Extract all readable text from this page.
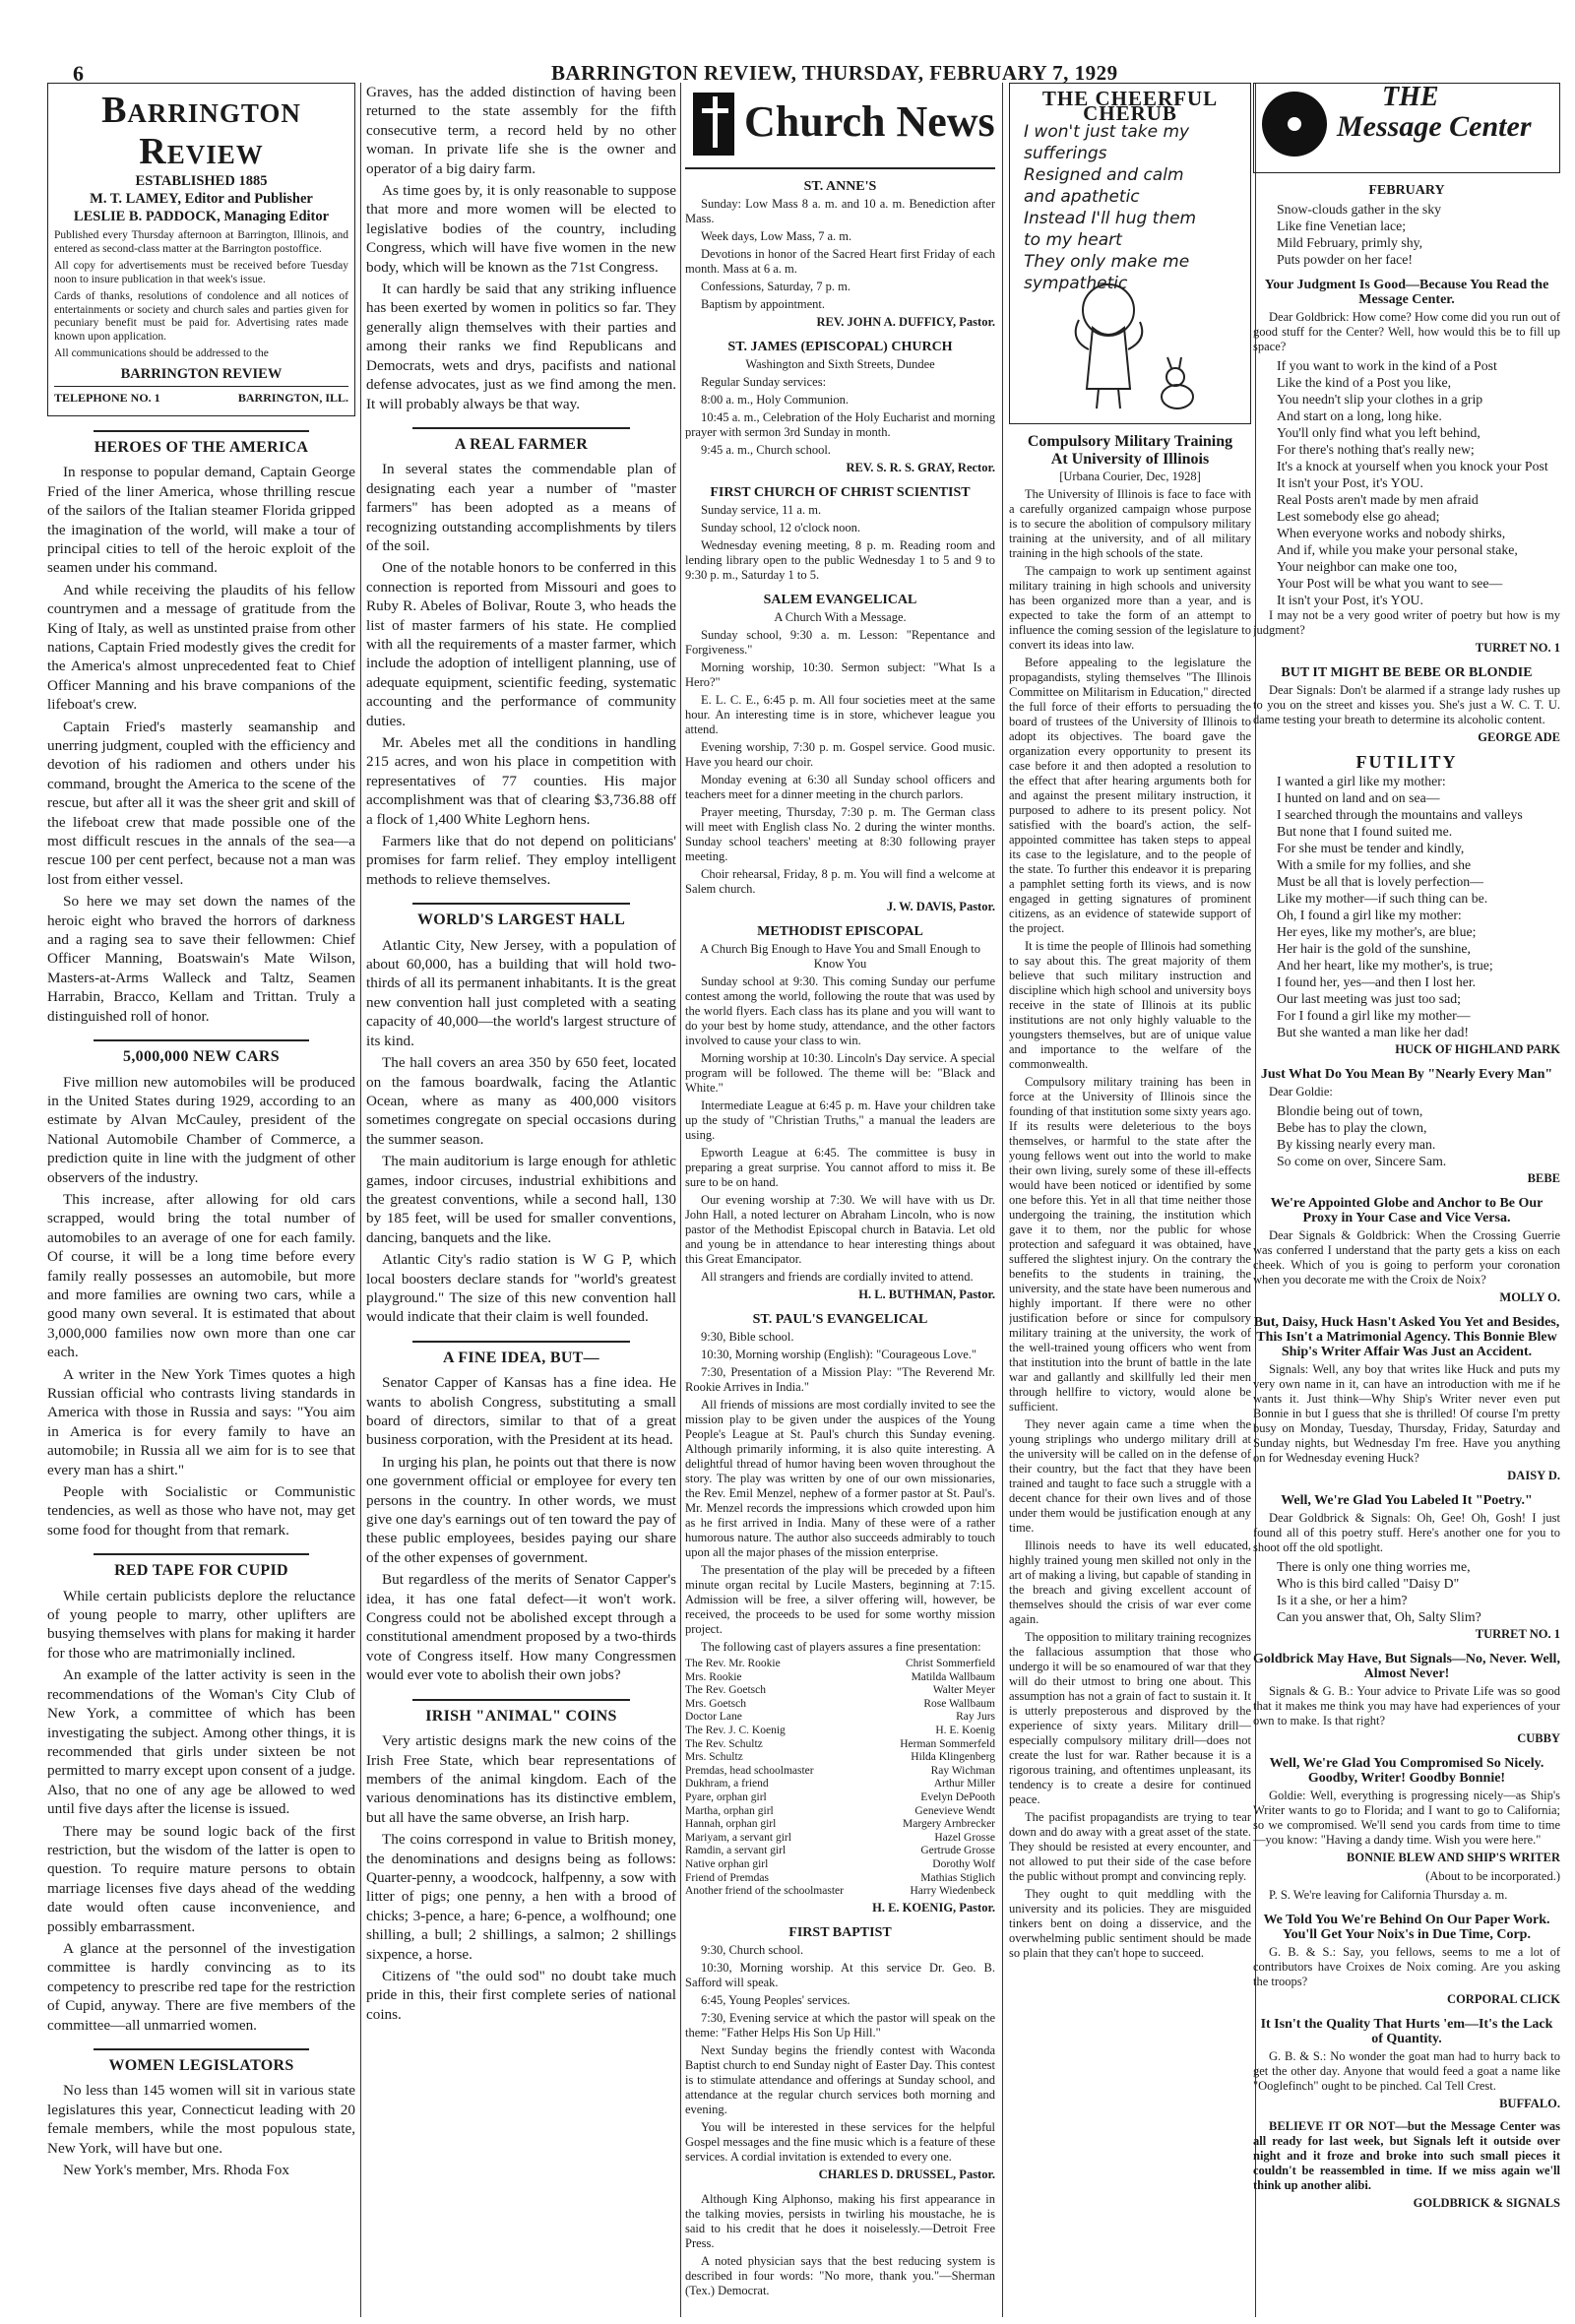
6	BARRINGTON REVIEW, THURSDAY, FEBRUARY 7, 1929
Barrington Review
ESTABLISHED 1885
M. T. LAMEY, Editor and Publisher
LESLIE B. PADDOCK, Managing Editor
Published every Thursday afternoon at Barrington, Illinois, and entered as second-class matter at the Barrington postoffice.
All copy for advertisements must be received before Tuesday noon to insure publication in that week's issue.
Cards of thanks, resolutions of condolence and all notices of entertainments or society and church sales and parties given for pecuniary benefit must be paid for. Advertising rates made known upon application.
All communications should be addressed to the
BARRINGTON REVIEW
TELEPHONE NO. 1	BARRINGTON, ILL.
HEROES OF THE AMERICA

In response to popular demand, Captain George Fried of the liner America, whose thrilling rescue of the sailors of the Italian steamer Florida gripped the imagination of the world, will make a tour of principal cities to tell of the heroic exploit of the seamen under his command.

And while receiving the plaudits of his fellow countrymen and a message of gratitude from the King of Italy, as well as unstinted praise from other nations, Captain Fried modestly gives the credit for the America's almost unprecedented feat to Chief Officer Manning and his brave companions of the lifeboat's crew.

Captain Fried's masterly seamanship and unerring judgment, coupled with the efficiency and devotion of his radiomen and others under his command, brought the America to the scene of the rescue, but after all it was the sheer grit and skill of the lifeboat crew that made possible one of the most difficult rescues in the annals of the sea—a rescue 100 per cent perfect, because not a man was lost from either vessel.

So here we may set down the names of the heroic eight who braved the horrors of darkness and a raging sea to save their fellowmen: Chief Officer Manning, Boatswain's Mate Wilson, Masters-at-Arms Walleck and Taltz, Seamen Harrabin, Bracco, Kellam and Trittan. Truly a distinguished roll of honor.

5,000,000 NEW CARS

Five million new automobiles will be produced in the United States during 1929, according to an estimate by Alvan McCauley, president of the National Automobile Chamber of Commerce, a prediction quite in line with the judgment of other observers of the industry.

This increase, after allowing for old cars scrapped, would bring the total number of automobiles to an average of one for each family. Of course, it will be a long time before every family really possesses an automobile, but more and more families are owning two cars, while a good many own several. It is estimated that about 3,000,000 families now own more than one car each.

A writer in the New York Times quotes a high Russian official who contrasts living standards in America with those in Russia and says: "You aim in America is for every family to have an automobile; in Russia all we aim for is to see that every man has a shirt."

People with Socialistic or Communistic tendencies, as well as those who have not, may get some food for thought from that remark.

RED TAPE FOR CUPID

While certain publicists deplore the reluctance of young people to marry, other uplifters are busying themselves with plans for making it harder for those who are matrimonially inclined.

An example of the latter activity is seen in the recommendations of the Woman's City Club of New York, a committee of which has been investigating the subject. Among other things, it is recommended that girls under sixteen be not permitted to marry except upon consent of a judge. Also, that no one of any age be allowed to wed until five days after the license is issued.

There may be sound logic back of the first restriction, but the wisdom of the latter is open to question. To require mature persons to obtain marriage licenses five days ahead of the wedding date would often cause inconvenience, and possibly embarrassment.

A glance at the personnel of the investigation committee is hardly convincing as to its competency to prescribe red tape for the restriction of Cupid, anyway. There are five members of the committee—all unmarried women.

WOMEN LEGISLATORS

No less than 145 women will sit in various state legislatures this year, Connecticut leading with 20 female members, while the most populous state, New York, will have but one.

New York's member, Mrs. Rhoda Fox

Graves, has the added distinction of having been returned to the state assembly for the fifth consecutive term, a record held by no other woman. In private life she is the owner and operator of a big dairy farm.

As time goes by, it is only reasonable to suppose that more and more women will be elected to legislative bodies of the country, including Congress, which will have five women in the new body, which will be known as the 71st Congress.

It can hardly be said that any striking influence has been exerted by women in politics so far. They generally align themselves with their parties and among their ranks we find Republicans and Democrats, wets and drys, pacifists and national defense advocates, just as we find among the men. It will probably always be that way.

A REAL FARMER

In several states the commendable plan of designating each year a number of "master farmers" has been adopted as a means of recognizing outstanding accomplishments by tilers of the soil.

One of the notable honors to be conferred in this connection is reported from Missouri and goes to Ruby R. Abeles of Bolivar, Route 3, who heads the list of master farmers of his state. He complied with all the requirements of a master farmer, which include the adoption of intelligent planning, use of adequate equipment, scientific feeding, systematic accounting and the performance of community duties.

Mr. Abeles met all the conditions in handling 215 acres, and won his place in competition with representatives of 77 counties. His major accomplishment was that of clearing $3,736.88 off a flock of 1,400 White Leghorn hens.

Farmers like that do not depend on politicians' promises for farm relief. They employ intelligent methods to relieve themselves.

WORLD'S LARGEST HALL

Atlantic City, New Jersey, with a population of about 60,000, has a building that will hold two-thirds of all its permanent inhabitants. It is the great new convention hall just completed with a seating capacity of 40,000—the world's largest structure of its kind.

The hall covers an area 350 by 650 feet, located on the famous boardwalk, facing the Atlantic Ocean, where as many as 400,000 visitors sometimes congregate on special occasions during the summer season.

The main auditorium is large enough for athletic games, indoor circuses, industrial exhibitions and the greatest conventions, while a second hall, 130 by 185 feet, will be used for smaller conventions, dancing, banquets and the like.

Atlantic City's radio station is W G P, which local boosters declare stands for "world's greatest playground." The size of this new convention hall would indicate that their claim is well founded.

A FINE IDEA, BUT—

Senator Capper of Kansas has a fine idea. He wants to abolish Congress, substituting a small board of directors, similar to that of a great business corporation, with the President at its head.

In urging his plan, he points out that there is now one government official or employee for every ten persons in the country. In other words, we must give one day's earnings out of ten toward the pay of these public employees, besides paying our share of the other expenses of government.

But regardless of the merits of Senator Capper's idea, it has one fatal defect—it won't work. Congress could not be abolished except through a constitutional amendment proposed by a two-thirds vote of Congress itself. How many Congressmen would ever vote to abolish their own jobs?

IRISH "ANIMAL" COINS

Very artistic designs mark the new coins of the Irish Free State, which bear representations of members of the animal kingdom. Each of the various denominations has its distinctive emblem, but all have the same obverse, an Irish harp.

The coins correspond in value to British money, the denominations and designs being as follows: Quarter-penny, a woodcock, halfpenny, a sow with litter of pigs; one penny, a hen with a brood of chicks; 3-pence, a hare; 6-pence, a wolfhound; one shilling, a bull; 2 shillings, a salmon; 2 shillings sixpence, a horse.

Citizens of "the ould sod" no doubt take much pride in this, their first complete series of national coins.

Church News
ST. ANNE'S

Sunday: Low Mass 8 a. m. and 10 a. m. Benediction after Mass.

Week days, Low Mass, 7 a. m.

Devotions in honor of the Sacred Heart first Friday of each month. Mass at 6 a. m.

Confessions, Saturday, 7 p. m.

Baptism by appointment.

REV. JOHN A. DUFFICY, Pastor.
ST. JAMES (EPISCOPAL) CHURCH

Washington and Sixth Streets, Dundee

Regular Sunday services:

8:00 a. m., Holy Communion.

10:45 a. m., Celebration of the Holy Eucharist and morning prayer with sermon 3rd Sunday in month.

9:45 a. m., Church school.

REV. S. R. S. GRAY, Rector.
FIRST CHURCH OF CHRIST SCIENTIST

Sunday service, 11 a. m.

Sunday school, 12 o'clock noon.

Wednesday evening meeting, 8 p. m. Reading room and lending library open to the public Wednesday 1 to 5 and 9 to 9:30 p. m., Saturday 1 to 5.

SALEM EVANGELICAL

A Church With a Message.

Sunday school, 9:30 a. m. Lesson: "Repentance and Forgiveness."

Morning worship, 10:30. Sermon subject: "What Is a Hero?"

E. L. C. E., 6:45 p. m. All four societies meet at the same hour. An interesting time is in store, whichever league you attend.

Evening worship, 7:30 p. m. Gospel service. Good music. Have you heard our choir.

Monday evening at 6:30 all Sunday school officers and teachers meet for a dinner meeting in the church parlors.

Prayer meeting, Thursday, 7:30 p. m. The German class will meet with English class No. 2 during the winter months. Sunday school teachers' meeting at 8:30 following prayer meeting.

Choir rehearsal, Friday, 8 p. m. You will find a welcome at Salem church.

J. W. DAVIS, Pastor.
METHODIST EPISCOPAL

A Church Big Enough to Have You and Small Enough to Know You

Sunday school at 9:30. This coming Sunday our perfume contest among the world, following the route that was used by the world flyers. Each class has its plane and you will want to do your best by home study, attendance, and the other factors involved to cause your class to win.

Morning worship at 10:30. Lincoln's Day service. A special program will be followed. The theme will be: "Black and White."

Intermediate League at 6:45 p. m. Have your children take up the study of "Christian Truths," a manual the leaders are using.

Epworth League at 6:45. The committee is busy in preparing a great surprise. You cannot afford to miss it. Be sure to be on hand.

Our evening worship at 7:30. We will have with us Dr. John Hall, a noted lecturer on Abraham Lincoln, who is now pastor of the Methodist Episcopal church in Batavia. Let old and young be in attendance to hear interesting things about this Great Emancipator.

All strangers and friends are cordially invited to attend.

H. L. BUTHMAN, Pastor.
ST. PAUL'S EVANGELICAL

9:30, Bible school.

10:30, Morning worship (English): "Courageous Love."

7:30, Presentation of a Mission Play: "The Reverend Mr. Rookie Arrives in India."

All friends of missions are most cordially invited to see the mission play to be given under the auspices of the Young People's League at St. Paul's church this Sunday evening. Although primarily informing, it is also quite interesting. A delightful thread of humor having been woven throughout the story. The play was written by one of our own missionaries, the Rev. Emil Menzel, nephew of a former pastor at St. Paul's. Mr. Menzel records the impressions which crowded upon him as he first arrived in India. Many of these were of a rather humorous nature. The author also succeeds admirably to touch upon all the major phases of the mission enterprise.

The presentation of the play will be preceded by a fifteen minute organ recital by Lucile Masters, beginning at 7:15. Admission will be free, a silver offering will, however, be received, the proceeds to be used for some worthy mission project.

The following cast of players assures a fine presentation:

The Rev. Mr. Rookie	Christ Sommerfield
Mrs. Rookie	Matilda Wallbaum
The Rev. Goetsch	Walter Meyer
Mrs. Goetsch	Rose Wallbaum
Doctor Lane	Ray Jurs
The Rev. J. C. Koenig	H. E. Koenig
The Rev. Schultz	Herman Sommerfeld
Mrs. Schultz	Hilda Klingenberg
Premdas, head schoolmaster	Ray Wichman
Dukhram, a friend	Arthur Miller
Pyare, orphan girl	Evelyn DePooth
Martha, orphan girl	Genevieve Wendt
Hannah, orphan girl	Margery Arnbrecker
Mariyam, a servant girl	Hazel Grosse
Ramdin, a servant girl	Gertrude Grosse
Native orphan girl	Dorothy Wolf
Friend of Premdas	Mathias Stiglich
Another friend of the schoolmaster	Harry Wiedenbeck
H. E. KOENIG, Pastor.
FIRST BAPTIST

9:30, Church school.

10:30, Morning worship. At this service Dr. Geo. B. Safford will speak.

6:45, Young Peoples' services.

7:30, Evening service at which the pastor will speak on the theme: "Father Helps His Son Up Hill."

Next Sunday begins the friendly contest with Waconda Baptist church to end Sunday night of Easter Day. This contest is to stimulate attendance and offerings at Sunday school, and attendance at the regular church services both morning and evening.

You will be interested in these services for the helpful Gospel messages and the fine music which is a feature of these services. A cordial invitation is extended to every one.

CHARLES D. DRUSSEL, Pastor.

Although King Alphonso, making his first appearance in the talking movies, persists in twirling his moustache, he is said to his credit that he does it noiselessly.—Detroit Free Press.

A noted physician says that the best reducing system is described in four words: "No more, thank you."—Sherman (Tex.) Democrat.

THE CHEERFUL CHERUB
I won't just take my
sufferings
Resigned and calm
and apathetic
Instead I'll hug them
to my heart
They only make me
sympathetic
Compulsory Military Training
At University of Illinois

[Urbana Courier, Dec, 1928]

The University of Illinois is face to face with a carefully organized campaign whose purpose is to secure the abolition of compulsory military training at the university, and of all military training in the high schools of the state.

The campaign to work up sentiment against military training in high schools and university has been organized more than a year, and is expected to take the form of an attempt to influence the coming session of the legislature to convert its ideas into law.

Before appealing to the legislature the propagandists, styling themselves "The Illinois Committee on Militarism in Education," directed the full force of their efforts to persuading the board of trustees of the University of Illinois to adopt its objectives. The board gave the organization every opportunity to present its case before it and then adopted a resolution to the effect that after hearing arguments both for and against the present military instruction, it purposed to adhere to its present policy. Not satisfied with the board's action, the self-appointed committee has taken steps to appeal its case to the legislature, and to the people of the state. To further this endeavor it is preparing a pamphlet setting forth its views, and is now engaged in getting signatures of prominent citizens, as an evidence of statewide support of the project.

It is time the people of Illinois had something to say about this. The great majority of them believe that such military instruction and discipline which high school and university boys receive in the state of Illinois at its public institutions are not only highly valuable to the youngsters themselves, but are of unique value and importance to the welfare of the commonwealth.

Compulsory military training has been in force at the University of Illinois since the founding of that institution some sixty years ago. If its results were deleterious to the boys themselves, or harmful to the state after the young fellows went out into the world to make their own living, surely some of these ill-effects would have been noticed or identified by some one before this. Yet in all that time neither those undergoing the training, the institution which gave it to them, nor the public for whose protection and safeguard it was obtained, have suffered the slightest injury. On the contrary the benefits to the students in training, the university, and the state have been numerous and highly important. If there were no other justification before or since for compulsory military training at the university, the work of the well-trained young officers who went from that institution into the brunt of battle in the late war and gallantly and skillfully led their men through hellfire to victory, would alone be sufficient.

They never again came a time when the young striplings who undergo military drill at the university will be called on in the defense of their country, but the fact that they have been trained and taught to face such a struggle with a decent chance for their own lives and of those under them would be justification enough at any time.

Illinois needs to have its well educated, highly trained young men skilled not only in the art of making a living, but capable of standing in the breach and giving excellent account of themselves should the crisis of war ever come again.

The opposition to military training recognizes the fallacious assumption that those who undergo it will be so enamoured of war that they will do their utmost to bring one about. This assumption has not a grain of fact to sustain it. It is utterly preposterous and disproved by the experience of sixty years. Military drill—especially compulsory military drill—does not create the lust for war. Rather because it is a rigorous training, and oftentimes unpleasant, its tendency is to create a desire for continued peace.

The pacifist propagandists are trying to tear down and do away with a great asset of the state. They should be resisted at every encounter, and not allowed to put their side of the case before the public without prompt and convincing reply.

They ought to quit meddling with the university and its policies. They are misguided tinkers bent on doing a disservice, and the overwhelming public sentiment should be made so plain that they can't hope to succeed.

THE
Message Center
FEBRUARY
Snow-clouds gather in the sky
Like fine Venetian lace;
Mild February, primly shy,
Puts powder on her face!
Your Judgment Is Good—Because You Read the Message Center.

Dear Goldbrick: How come? How come did you run out of good stuff for the Center? Well, how would this be to fill up space?

If you want to work in the kind of a Post
Like the kind of a Post you like,
You needn't slip your clothes in a grip
And start on a long, long hike.
You'll only find what you left behind,
For there's nothing that's really new;
It's a knock at yourself when you knock your Post
It isn't your Post, it's YOU.
Real Posts aren't made by men afraid
Lest somebody else go ahead;
When everyone works and nobody shirks,
And if, while you make your personal stake,
Your neighbor can make one too,
Your Post will be what you want to see—
It isn't your Post, it's YOU.

I may not be a very good writer of poetry but how is my judgment?

TURRET NO. 1
BUT IT MIGHT BE BEBE OR BLONDIE

Dear Signals: Don't be alarmed if a strange lady rushes up to you on the street and kisses you. She's just a W. C. T. U. dame testing your breath to determine its alcoholic content.

GEORGE ADE
FUTILITY
I wanted a girl like my mother:
I hunted on land and on sea—
I searched through the mountains and valleys
But none that I found suited me.
For she must be tender and kindly,
With a smile for my follies, and she
Must be all that is lovely perfection—
Like my mother—if such thing can be.
Oh, I found a girl like my mother:
Her eyes, like my mother's, are blue;
Her hair is the gold of the sunshine,
And her heart, like my mother's, is true;
I found her, yes—and then I lost her.
Our last meeting was just too sad;
For I found a girl like my mother—
But she wanted a man like her dad!
HUCK OF HIGHLAND PARK
Just What Do You Mean By "Nearly Every Man"

Dear Goldie:

Blondie being out of town,
Bebe has to play the clown,
By kissing nearly every man.
So come on over, Sincere Sam.
BEBE
We're Appointed Globe and Anchor to Be Our Proxy in Your Case and Vice Versa.

Dear Signals & Goldbrick: When the Crossing Guerrie was conferred I understand that the party gets a kiss on each cheek. Which of you is going to perform your coronation when you decorate me with the Croix de Noix?

MOLLY O.
But, Daisy, Huck Hasn't Asked You Yet and Besides, This Isn't a Matrimonial Agency. This Bonnie Blew Ship's Writer Affair Was Just an Accident.

Signals: Well, any boy that writes like Huck and puts my very own name in it, can have an introduction with me if he wants it. Just think—Why Ship's Writer never even put Bonnie in but I guess that she is thrilled! Of course I'm pretty busy on Monday, Tuesday, Thursday, Friday, Saturday and Sunday nights, but Wednesday I'm free. Have you anything on for Wednesday evening Huck?

DAISY D.
Well, We're Glad You Labeled It "Poetry."

Dear Goldbrick & Signals: Oh, Gee! Oh, Gosh! I just found all of this poetry stuff. Here's another one for you to shoot off the old spotlight.

There is only one thing worries me,
Who is this bird called "Daisy D"
Is it a she, or her a him?
Can you answer that, Oh, Salty Slim?
TURRET NO. 1
Goldbrick May Have, But Signals—No, Never. Well, Almost Never!

Signals & G. B.: Your advice to Private Life was so good that it makes me think you may have had experiences of your own to make. Is that right?

CUBBY
Well, We're Glad You Compromised So Nicely. Goodby, Writer! Goodby Bonnie!

Goldie: Well, everything is progressing nicely—as Ship's Writer wants to go to Florida; and I want to go to California; so we compromised. We'll send you cards from time to time—you know: "Having a dandy time. Wish you were here."

BONNIE BLEW AND SHIP'S WRITER
(About to be incorporated.)

P. S. We're leaving for California Thursday a. m.

We Told You We're Behind On Our Paper Work. You'll Get Your Noix's in Due Time, Corp.

G. B. & S.: Say, you fellows, seems to me a lot of contributors have Croixes de Noix coming. Are you asking the troops?

CORPORAL CLICK
It Isn't the Quality That Hurts 'em—It's the Lack of Quantity.

G. B. & S.: No wonder the goat man had to hurry back to get the other day. Anyone that would feed a goat a name like "Ooglefinch" ought to be pinched. Cal Tell Crest.

BUFFALO.

BELIEVE IT OR NOT—but the Message Center was all ready for last week, but Signals left it outside over night and it froze and broke into such small pieces it couldn't be reassembled in time. If we miss again we'll think up another alibi.

GOLDBRICK & SIGNALS
